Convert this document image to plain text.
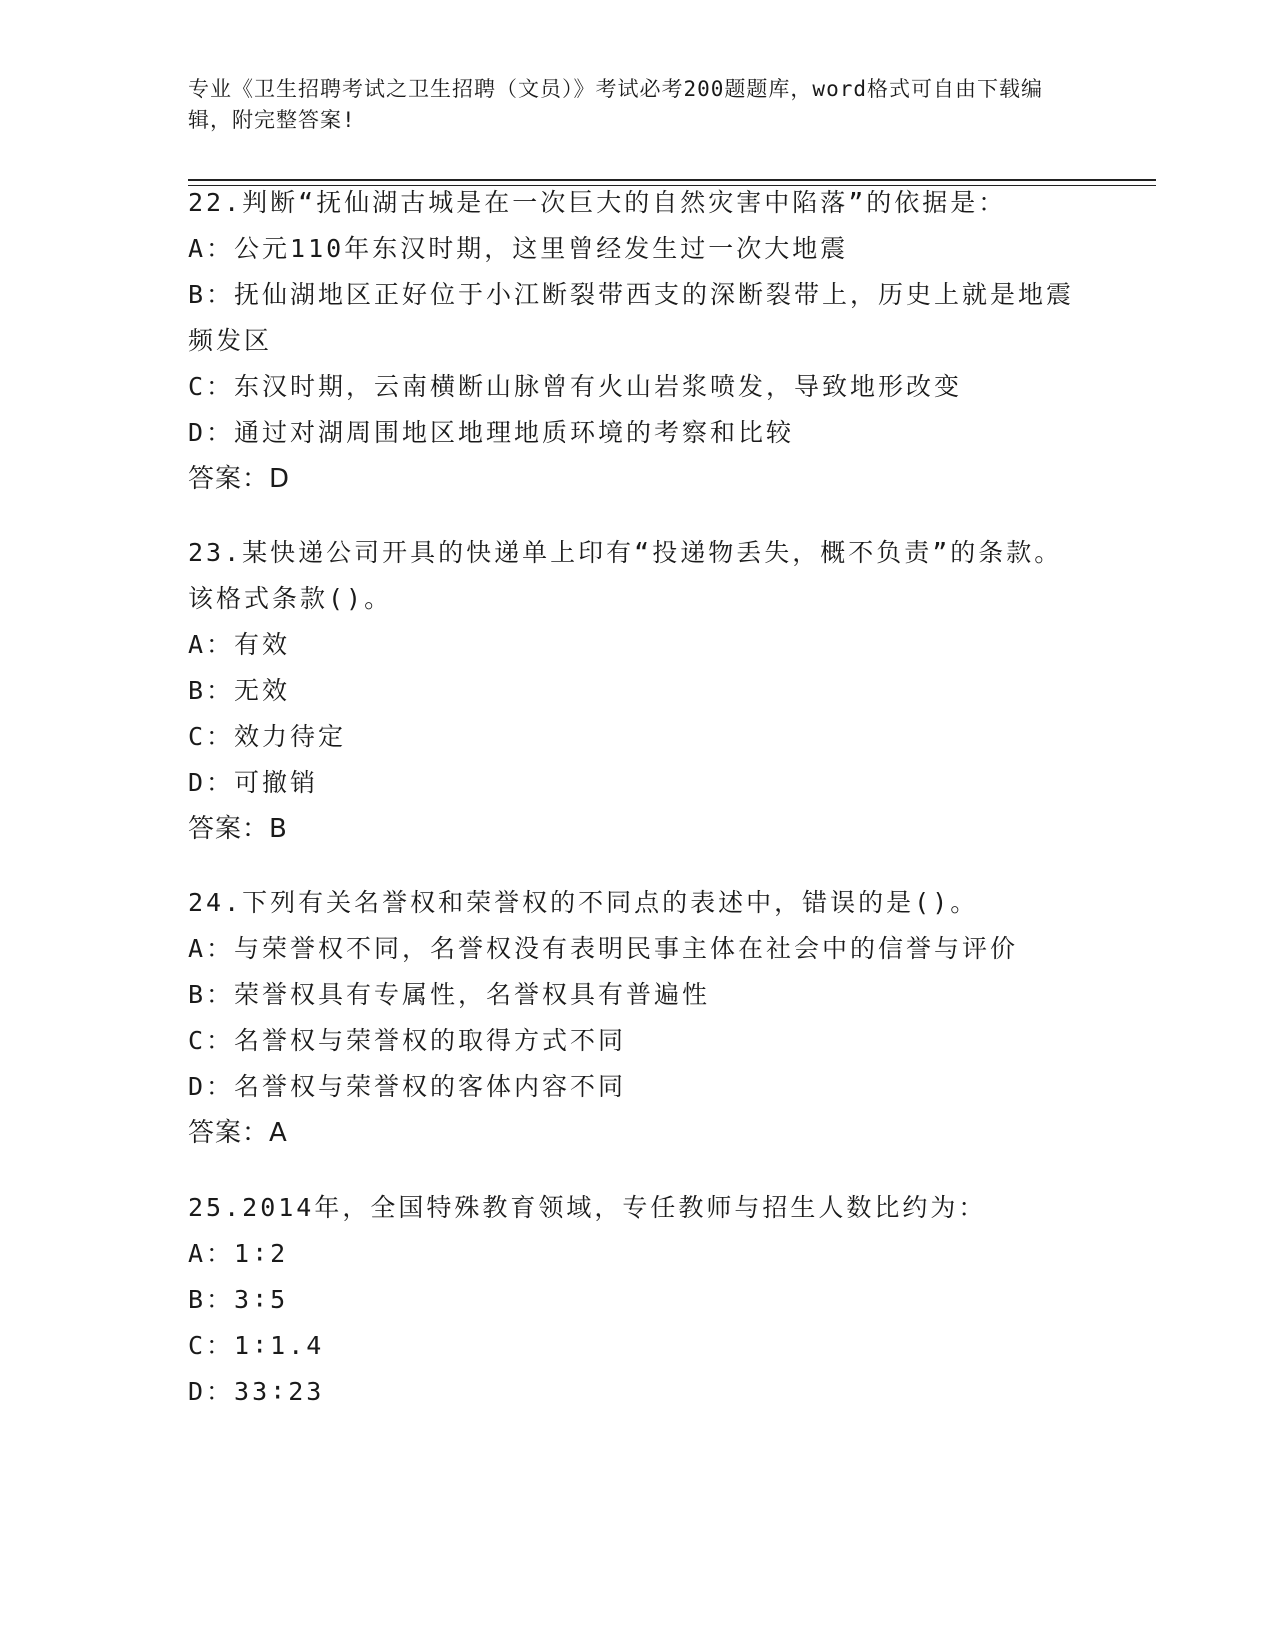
专业《卫生招聘考试之卫生招聘（文员）》考试必考200题题库，word格式可自由下载编辑，附完整答案!
22.判断“抚仙湖古城是在一次巨大的自然灾害中陷落”的依据是：
A：公元110年东汉时期，这里曾经发生过一次大地震
B：抚仙湖地区正好位于小江断裂带西支的深断裂带上，历史上就是地震频发区
C：东汉时期，云南横断山脉曾有火山岩浆喷发，导致地形改变
D：通过对湖周围地区地理地质环境的考察和比较
答案：D
23.某快递公司开具的快递单上印有“投递物丢失，概不负责”的条款。该格式条款()。
A：有效
B：无效
C：效力待定
D：可撤销
答案：B
24.下列有关名誉权和荣誉权的不同点的表述中，错误的是()。
A：与荣誉权不同，名誉权没有表明民事主体在社会中的信誉与评价
B：荣誉权具有专属性，名誉权具有普遍性
C：名誉权与荣誉权的取得方式不同
D：名誉权与荣誉权的客体内容不同
答案：A
25.2014年，全国特殊教育领域，专任教师与招生人数比约为：
A：1∶2
B：3∶5
C：1∶1.4
D：33∶23
